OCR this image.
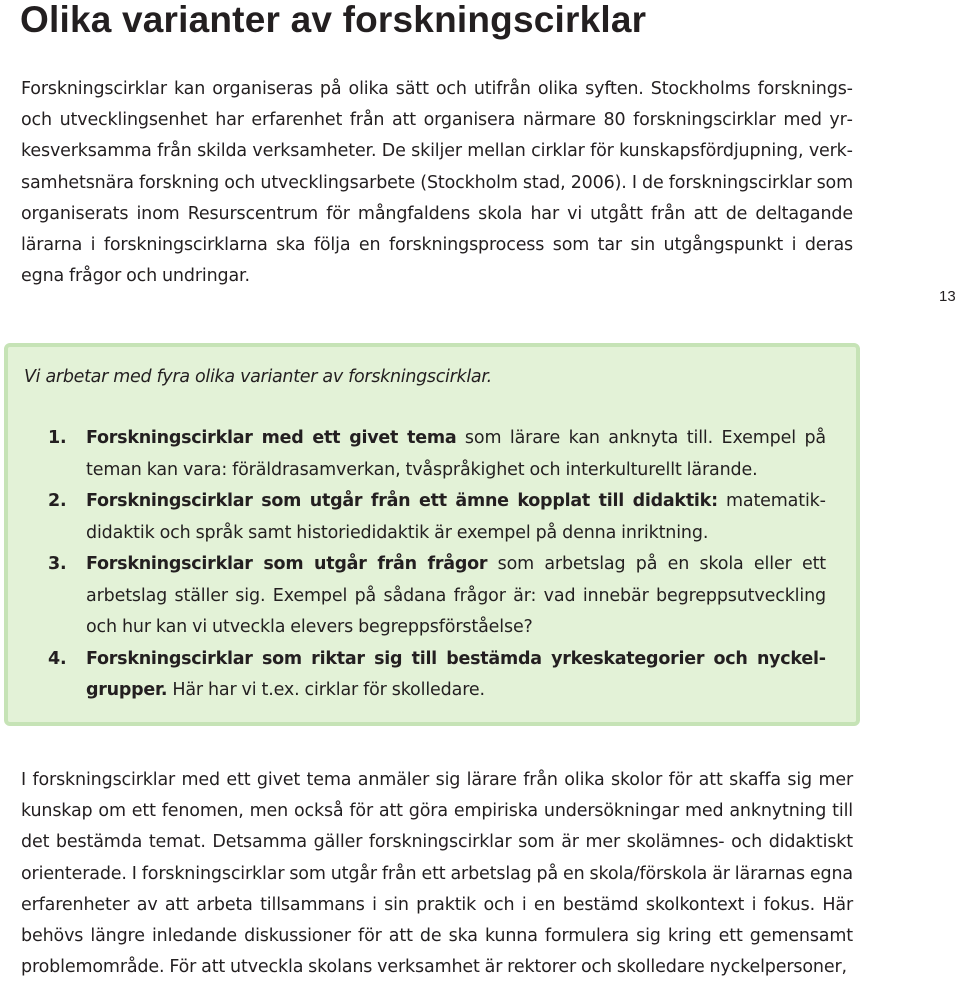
Olika varianter av forskningscirklar

Forskningscirklar kan organiseras på olika sätt och utifrån olika syften. Stockholms forskningsoch utvecklingsenhet har erfarenhet från att organisera närmare 80 forskningscirklar med yrkesverksamma från skilda verksamheter. De skiljer mellan cirklar för kunskapsfördjupning, verksamhetsnära forskning och utvecklingsarbete (Stockholm stad, 2006). I de forskningscirklar som organiserats inom Resurscentrum för mångfaldens skola har vi utgått från att de deltagande lärarna i forskningscirklarna ska följa en forskningsprocess som tar sin utgångspunkt i deras egna frågor och undringar.

13

Vi arbetar med fyra olika varianter av forskningscirklar.

1. Forskningscirklar med ett givet tema som lärare kan anknyta till. Exempel på teman kan vara: föräldrasamverkan, tvåspråkighet och interkulturellt lärande.
2. Forskningscirklar som utgår från ett ämne kopplat till didaktik: matematikdidaktik och språk samt historiedidaktik är exempel på denna inriktning.
3. Forskningscirklar som utgår från frågor som arbetslag på en skola eller ett arbetslag ställer sig. Exempel på sådana frågor är: vad innebär begreppsutveckling och hur kan vi utveckla elevers begreppsförståelse?
4. Forskningscirklar som riktar sig till bestämda yrkeskategorier och nyckelgrupper. Här har vi t.ex. cirklar för skolledare.

I forskningscirklar med ett givet tema anmäler sig lärare från olika skolor för att skaffa sig mer kunskap om ett fenomen, men också för att göra empiriska undersökningar med anknytning till det bestämda temat. Detsamma gäller forskningscirklar som är mer skolämnes- och didaktiskt orienterade. I forskningscirklar som utgår från ett arbetslag på en skola/förskola är lärarnas egna erfarenheter av att arbeta tillsammans i sin praktik och i en bestämd skolkontext i fokus. Här behövs längre inledande diskussioner för att de ska kunna formulera sig kring ett gemensamt problemområde. För att utveckla skolans verksamhet är rektorer och skolledare nyckelpersoner,
